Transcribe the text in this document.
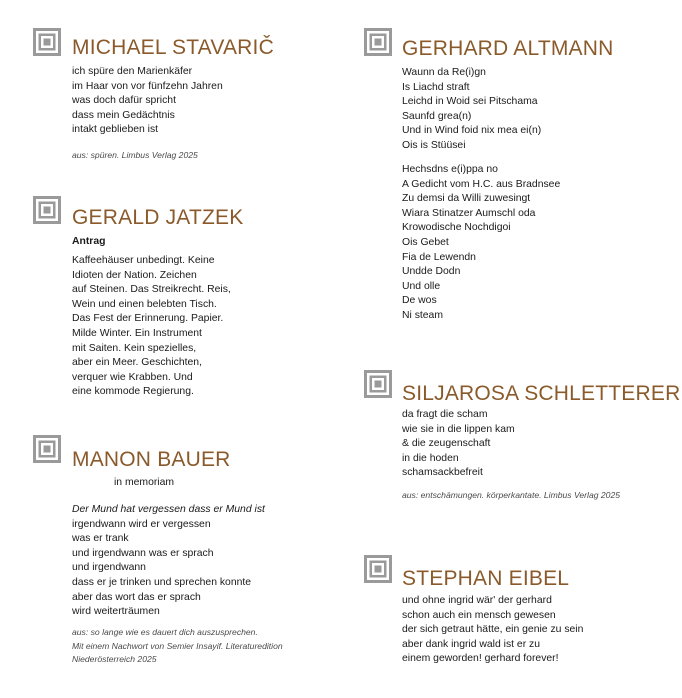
MICHAEL STAVARIČ
ich spüre den Marienkäfer
im Haar von vor fünfzehn Jahren
was doch dafür spricht
dass mein Gedächtnis
intakt geblieben ist
aus: spüren. Limbus Verlag 2025
GERALD JATZEK
Antrag
Kaffeehäuser unbedingt. Keine
Idioten der Nation. Zeichen
auf Steinen. Das Streikrecht. Reis,
Wein und einen belebten Tisch.
Das Fest der Erinnerung. Papier.
Milde Winter. Ein Instrument
mit Saiten. Kein spezielles,
aber ein Meer. Geschichten,
verquer wie Krabben. Und
eine kommode Regierung.
MANON BAUER
in memoriam
Der Mund hat vergessen dass er Mund ist
irgendwann wird er vergessen
was er trank
und irgendwann was er sprach
und irgendwann
dass er je trinken und sprechen konnte
aber das wort das er sprach
wird weiterträumen
aus: so lange wie es dauert dich auszusprechen.
Mit einem Nachwort von Semier Insayif. Literaturedition
Niederösterreich 2025
GERHARD ALTMANN
Waunn da Re(i)gn
Is Liachd straft
Leichd in Woid sei Pitschama
Saunfd grea(n)
Und in Wind foid nix mea ei(n)
Ois is Stüüsei
Hechsdns e(i)ppa no
A Gedicht vom H.C. aus Bradnsee
Zu demsi da Willi zuwesingt
Wiara Stinatzer Aumschl oda
Krowodische Nochdigoi
Ois Gebet
Fia de Lewendn
Undde Dodn
Und olle
De wos
Ni steam
SILJAROSA SCHLETTERER
da fragt die scham
wie sie in die lippen kam
& die zeugenschaft
in die hoden
schamsackbefreit
aus: entschämungen. körperkantate. Limbus Verlag 2025
STEPHAN EIBEL
und ohne ingrid wär' der gerhard
schon auch ein mensch gewesen
der sich getraut hätte, ein genie zu sein
aber dank ingrid wald ist er zu
einem geworden! gerhard forever!
